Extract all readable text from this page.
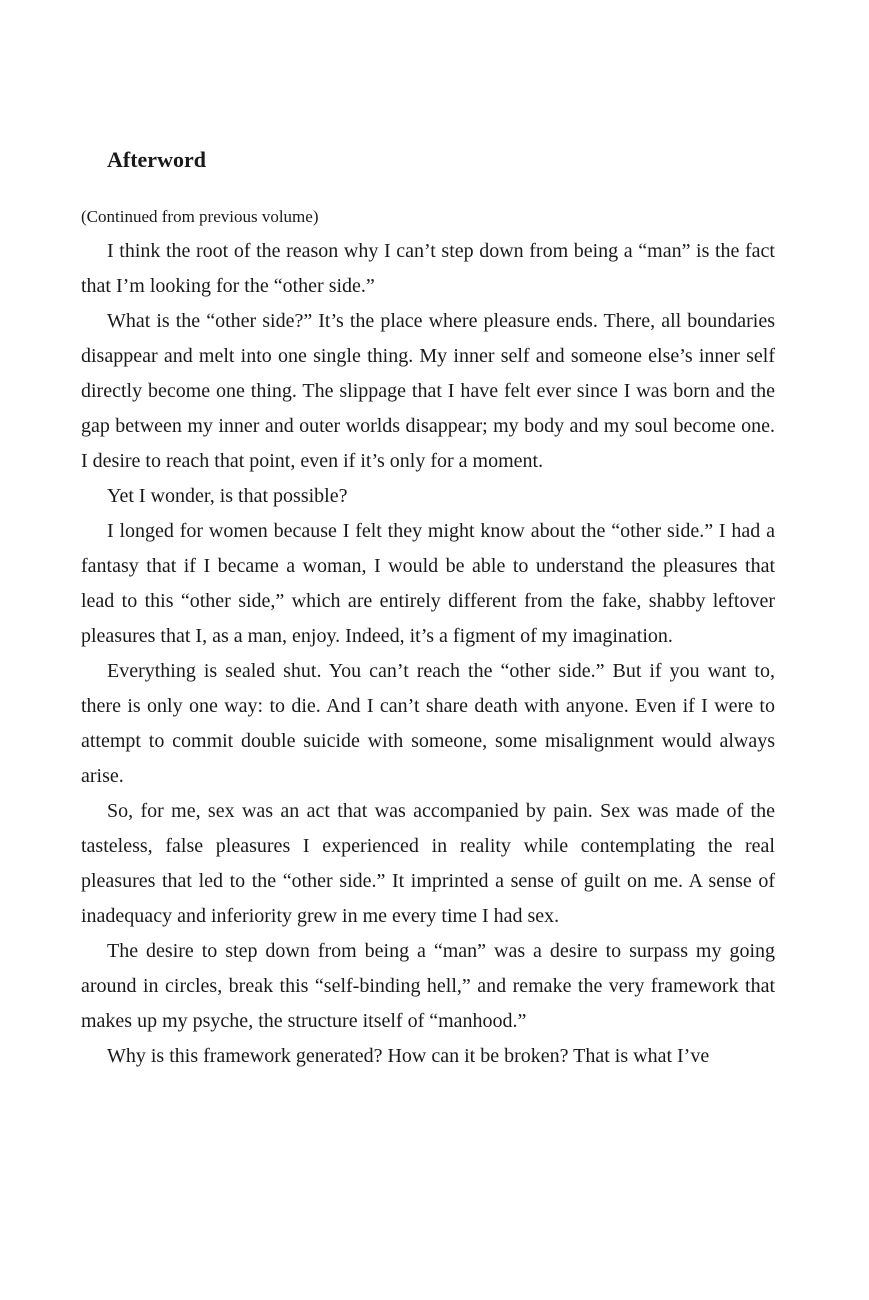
Afterword

(Continued from previous volume)

I think the root of the reason why I can’t step down from being a “man” is the fact that I’m looking for the “other side.”

What is the “other side?” It’s the place where pleasure ends. There, all boundaries disappear and melt into one single thing. My inner self and someone else’s inner self directly become one thing. The slippage that I have felt ever since I was born and the gap between my inner and outer worlds disappear; my body and my soul become one. I desire to reach that point, even if it’s only for a moment.

Yet I wonder, is that possible?

I longed for women because I felt they might know about the “other side.” I had a fantasy that if I became a woman, I would be able to understand the pleasures that lead to this “other side,” which are entirely different from the fake, shabby leftover pleasures that I, as a man, enjoy. Indeed, it’s a figment of my imagination.

Everything is sealed shut. You can’t reach the “other side.” But if you want to, there is only one way: to die. And I can’t share death with anyone. Even if I were to attempt to commit double suicide with someone, some misalignment would always arise.

So, for me, sex was an act that was accompanied by pain. Sex was made of the tasteless, false pleasures I experienced in reality while contemplating the real pleasures that led to the “other side.” It imprinted a sense of guilt on me. A sense of inadequacy and inferiority grew in me every time I had sex.

The desire to step down from being a “man” was a desire to surpass my going around in circles, break this “self-binding hell,” and remake the very framework that makes up my psyche, the structure itself of “manhood.”

Why is this framework generated? How can it be broken? That is what I’ve
